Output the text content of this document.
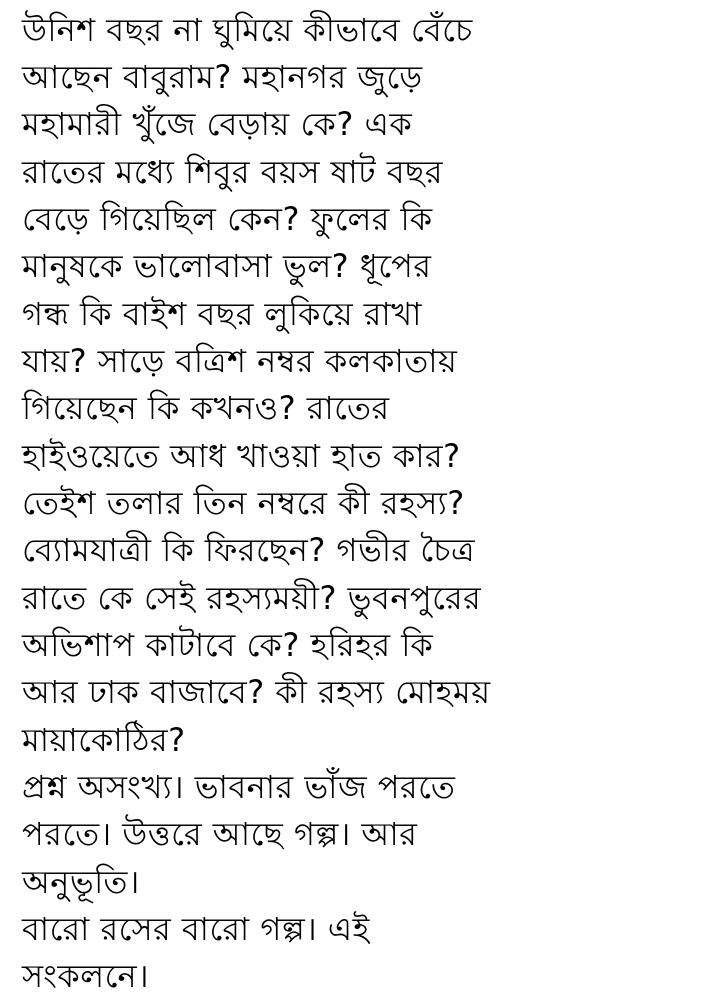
উনিশ বছর না ঘুমিয়ে কীভাবে বেঁচে
আছেন বাবুরাম? মহানগর জুড়ে
মহামারী খুঁজে বেড়ায় কে? এক
রাতের মধ্যে শিবুর বয়স ষাট বছর
বেড়ে গিয়েছিল কেন? ফুলের কি
মানুষকে ভালোবাসা ভুল? ধূপের
গন্ধ কি বাইশ বছর লুকিয়ে রাখা
যায়? সাড়ে বত্রিশ নম্বর কলকাতায়
গিয়েছেন কি কখনও? রাতের
হাইওয়েতে আধ খাওয়া হাত কার?
তেইশ তলার তিন নম্বরে কী রহস্য?
ব্যোমযাত্রী কি ফিরছেন? গভীর চৈত্র
রাতে কে সেই রহস্যময়ী? ভুবনপুরের
অভিশাপ কাটাবে কে? হরিহর কি
আর ঢাক বাজাবে? কী রহস্য মোহময়
মায়াকোঠির?
প্রশ্ন অসংখ্য। ভাবনার ভাঁজ পরতে
পরতে। উত্তরে আছে গল্প। আর
অনুভূতি।
বারো রসের বারো গল্প। এই
সংকলনে।
